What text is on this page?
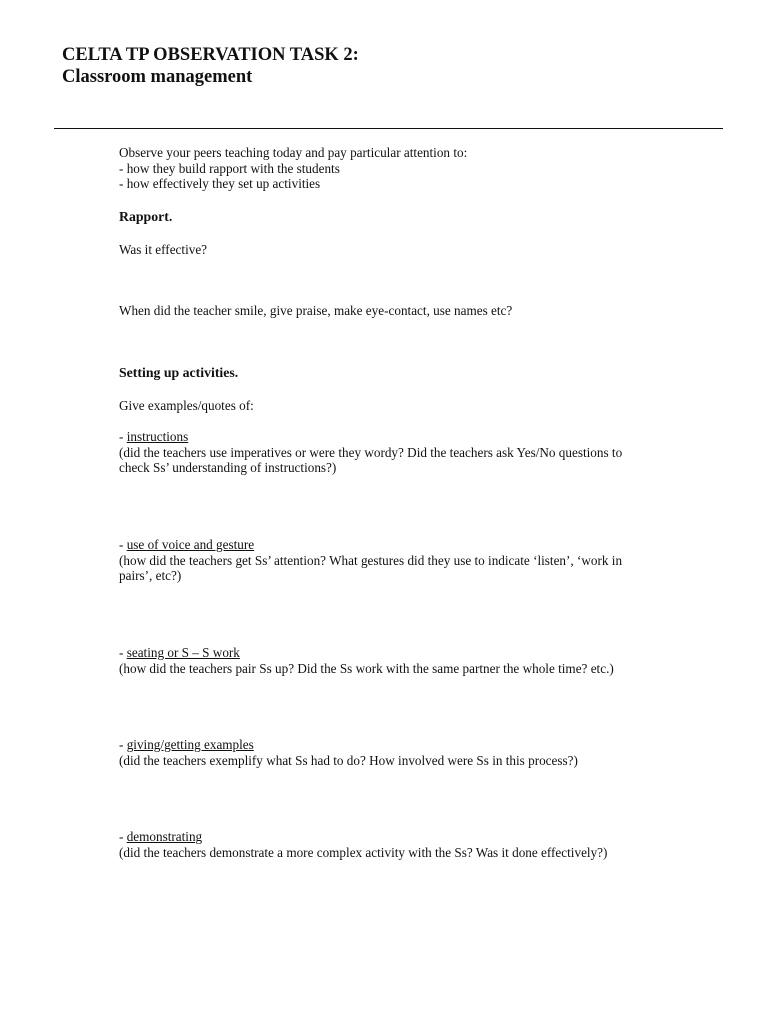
CELTA TP OBSERVATION TASK 2:
Classroom management
Observe your peers teaching today and pay particular attention to:
- how they build rapport with the students
- how effectively they set up activities
Rapport.
Was it effective?
When did the teacher smile, give praise, make eye-contact, use names etc?
Setting up activities.
Give examples/quotes of:
- instructions
(did the teachers use imperatives or were they wordy? Did the teachers ask Yes/No questions to
check Ss’ understanding of instructions?)
- use of voice and gesture
(how did the teachers get Ss’ attention? What gestures did they use to indicate ‘listen’, ‘work in
pairs’, etc?)
- seating or S – S work
(how did the teachers pair Ss up? Did the Ss work with the same partner the whole time? etc.)
- giving/getting examples
(did the teachers exemplify what Ss had to do? How involved were Ss in this process?)
- demonstrating
(did the teachers demonstrate a more complex activity with the Ss? Was it done effectively?)
